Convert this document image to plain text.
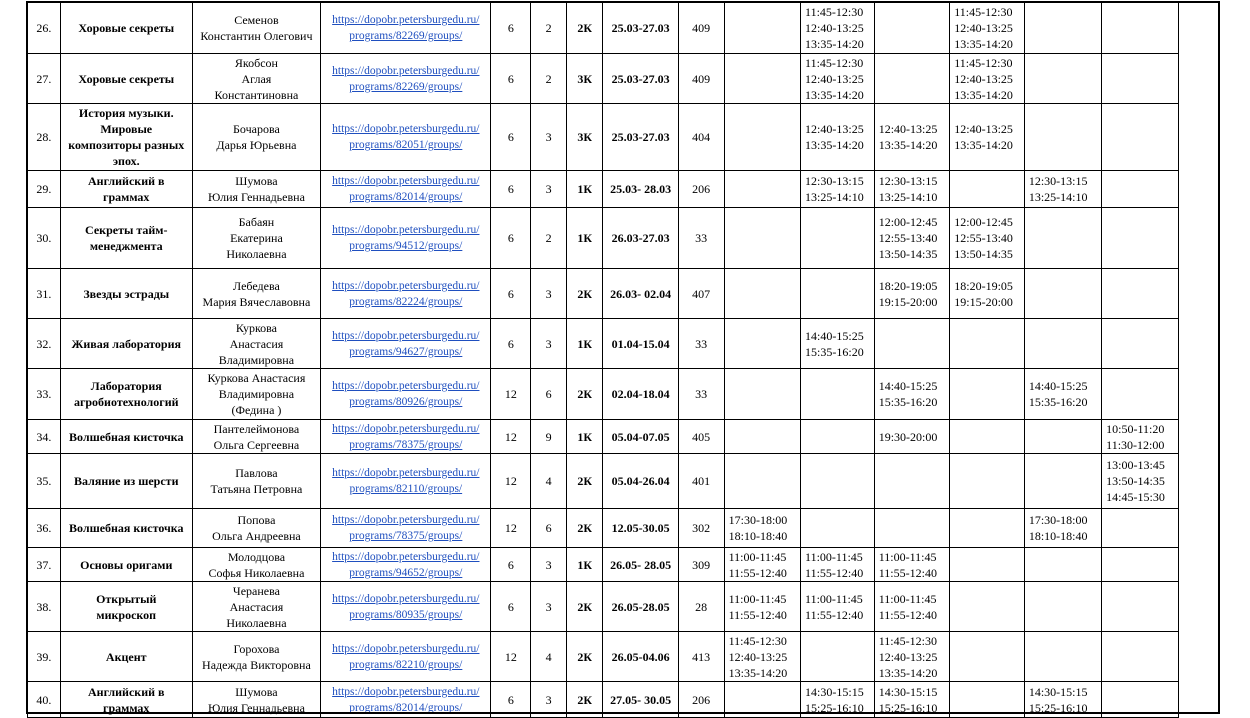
26.	Хоровые секреты	Семенов
Константин Олегович	https://dopobr.petersburgedu.ru/
programs/82269/groups/	6	2	2К	25.03-27.03	409		11:45-12:30
12:40-13:25
13:35-14:20		11:45-12:30
12:40-13:25
13:35-14:20		

27.	Хоровые секреты	Якобсон
Аглая
Константиновна	https://dopobr.petersburgedu.ru/
programs/82269/groups/	6	2	3К	25.03-27.03	409		11:45-12:30
12:40-13:25
13:35-14:20		11:45-12:30
12:40-13:25
13:35-14:20		

28.	История музыки.
Мировые
композиторы разных
эпох.	Бочарова
Дарья Юрьевна	https://dopobr.petersburgedu.ru/
programs/82051/groups/	6	3	3К	25.03-27.03	404		12:40-13:25
13:35-14:20	12:40-13:25
13:35-14:20	12:40-13:25
13:35-14:20		

29.	Английский в
граммах	Шумова
Юлия Геннадьевна	https://dopobr.petersburgedu.ru/
programs/82014/groups/	6	3	1К	25.03- 28.03	206		12:30-13:15
13:25-14:10	12:30-13:15
13:25-14:10		12:30-13:15
13:25-14:10	

30.	Секреты тайм-
менеджмента	Бабаян
Екатерина
Николаевна	https://dopobr.petersburgedu.ru/
programs/94512/groups/	6	2	1К	26.03-27.03	33			12:00-12:45
12:55-13:40
13:50-14:35	12:00-12:45
12:55-13:40
13:50-14:35		

31.	Звезды эстрады	Лебедева
Мария Вячеславовна	https://dopobr.petersburgedu.ru/
programs/82224/groups/	6	3	2К	26.03- 02.04	407			18:20-19:05
19:15-20:00	18:20-19:05
19:15-20:00		

32.	Живая лаборатория	Куркова
Анастасия
Владимировна	https://dopobr.petersburgedu.ru/
programs/94627/groups/	6	3	1К	01.04-15.04	33		14:40-15:25
15:35-16:20				

33.	Лаборатория
агробиотехнологий	Куркова Анастасия
Владимировна
(Федина )	https://dopobr.petersburgedu.ru/
programs/80926/groups/	12	6	2К	02.04-18.04	33			14:40-15:25
15:35-16:20		14:40-15:25
15:35-16:20	

34.	Волшебная кисточка	Пантелеймонова
Ольга Сергеевна	https://dopobr.petersburgedu.ru/
programs/78375/groups/	12	9	1К	05.04-07.05	405			19:30-20:00			10:50-11:20
11:30-12:00

35.	Валяние из шерсти	Павлова
Татьяна Петровна	https://dopobr.petersburgedu.ru/
programs/82110/groups/	12	4	2К	05.04-26.04	401						13:00-13:45
13:50-14:35
14:45-15:30

36.	Волшебная кисточка	Попова
Ольга Андреевна	https://dopobr.petersburgedu.ru/
programs/78375/groups/	12	6	2К	12.05-30.05	302	17:30-18:00
18:10-18:40				17:30-18:00
18:10-18:40	

37.	Основы оригами	Молодцова
Софья Николаевна	https://dopobr.petersburgedu.ru/
programs/94652/groups/	6	3	1К	26.05- 28.05	309	11:00-11:45
11:55-12:40	11:00-11:45
11:55-12:40	11:00-11:45
11:55-12:40			

38.	Открытый
микроскоп	Черанева
Анастасия
Николаевна	https://dopobr.petersburgedu.ru/
programs/80935/groups/	6	3	2К	26.05-28.05	28	11:00-11:45
11:55-12:40	11:00-11:45
11:55-12:40	11:00-11:45
11:55-12:40			

39.	Акцент	Горохова
Надежда Викторовна	https://dopobr.petersburgedu.ru/
programs/82210/groups/	12	4	2К	26.05-04.06	413	11:45-12:30
12:40-13:25
13:35-14:20		11:45-12:30
12:40-13:25
13:35-14:20			

40.	Английский в
граммах	Шумова
Юлия Геннадьевна	https://dopobr.petersburgedu.ru/
programs/82014/groups/	6	3	2К	27.05- 30.05	206		14:30-15:15
15:25-16:10	14:30-15:15
15:25-16:10		14:30-15:15
15:25-16:10	
